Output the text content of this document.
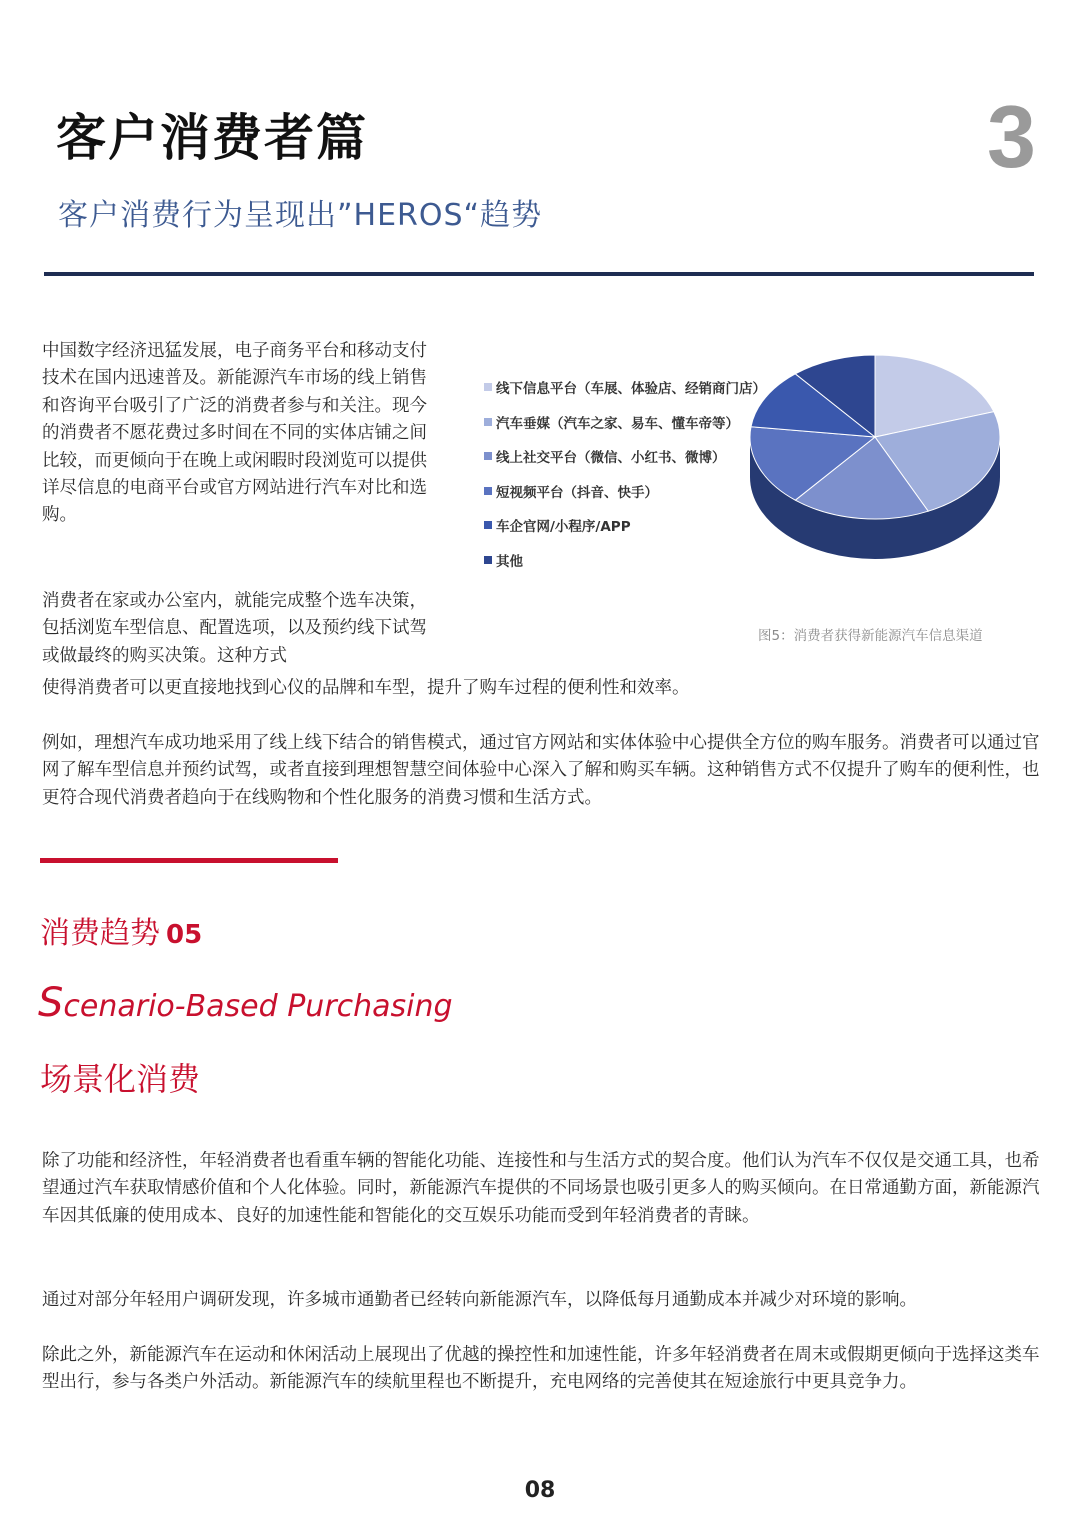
客户消费者篇	3
客户消费行为呈现出”HEROS“趋势
中国数字经济迅猛发展，电子商务平台和移动支付技术在国内迅速普及。新能源汽车市场的线上销售和咨询平台吸引了广泛的消费者参与和关注。现今的消费者不愿花费过多时间在不同的实体店铺之间比较，而更倾向于在晚上或闲暇时段浏览可以提供详尽信息的电商平台或官方网站进行汽车对比和选购。
消费者在家或办公室内，就能完成整个选车决策，包括浏览车型信息、配置选项，以及预约线下试驾或做最终的购买决策。这种方式
使得消费者可以更直接地找到心仪的品牌和车型，提升了购车过程的便利性和效率。
例如，理想汽车成功地采用了线上线下结合的销售模式，通过官方网站和实体体验中心提供全方位的购车服务。消费者可以通过官网了解车型信息并预约试驾，或者直接到理想智慧空间体验中心深入了解和购买车辆。这种销售方式不仅提升了购车的便利性，也更符合现代消费者趋向于在线购物和个性化服务的消费习惯和生活方式。
线下信息平台（车展、体验店、经销商门店）
汽车垂媒（汽车之家、易车、懂车帝等）
线上社交平台（微信、小红书、微博）
短视频平台（抖音、快手）
车企官网/小程序/APP
其他
图5：消费者获得新能源汽车信息渠道
消费趋势 05
Scenario-Based Purchasing
场景化消费
除了功能和经济性，年轻消费者也看重车辆的智能化功能、连接性和与生活方式的契合度。他们认为汽车不仅仅是交通工具，也希望通过汽车获取情感价值和个人化体验。同时，新能源汽车提供的不同场景也吸引更多人的购买倾向。在日常通勤方面，新能源汽车因其低廉的使用成本、良好的加速性能和智能化的交互娱乐功能而受到年轻消费者的青睐。
通过对部分年轻用户调研发现，许多城市通勤者已经转向新能源汽车，以降低每月通勤成本并减少对环境的影响。
除此之外，新能源汽车在运动和休闲活动上展现出了优越的操控性和加速性能，许多年轻消费者在周末或假期更倾向于选择这类车型出行，参与各类户外活动。新能源汽车的续航里程也不断提升，充电网络的完善使其在短途旅行中更具竞争力。
08
